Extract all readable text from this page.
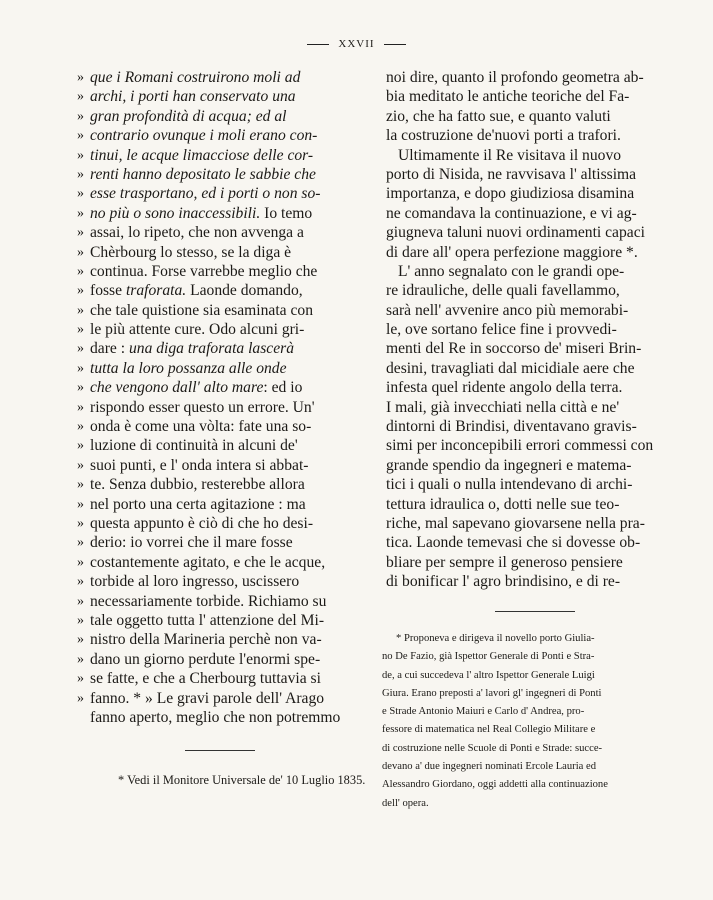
XXVII
» que i Romani costruirono moli ad
» archi, i porti han conservato una
» gran profondità di acqua; ed al
» contrario ovunque i moli erano con-
» tinui, le acque limacciose delle cor-
» renti hanno depositato le sabbie che
» esse trasportano, ed i porti o non so-
» no più o sono inaccessibili. Io temo
» assai, lo ripeto, che non avvenga a
» Chèrbourg lo stesso, se la diga è
» continua. Forse varrebbe meglio che
» fosse traforata. Laonde domando,
» che tale quistione sia esaminata con
» le più attente cure. Odo alcuni gri-
» dare : una diga traforata lascerà
» tutta la loro possanza alle onde
» che vengono dall' alto mare: ed io
» rispondo esser questo un errore. Un'
» onda è come una vòlta: fate una so-
» luzione di continuità in alcuni de'
» suoi punti, e l' onda intera si abbat-
» te. Senza dubbio, resterebbe allora
» nel porto una certa agitazione : ma
» questa appunto è ciò di che ho desi-
» derio: io vorrei che il mare fosse
» costantemente agitato, e che le acque,
» torbide al loro ingresso, uscissero
» necessariamente torbide. Richiamo su
» tale oggetto tutta l' attenzione del Mi-
» nistro della Marineria perchè non va-
» dano un giorno perdute l'enormi spe-
» se fatte, e che a Cherbourg tuttavia si
» fanno. * » Le gravi parole dell' Arago
fanno aperto, meglio che non potremmo
noi dire, quanto il profondo geometra ab-
bia meditato le antiche teoriche del Fa-
zio, che ha fatto sue, e quanto valuti
la costruzione de'nuovi porti a trafori.
Ultimamente il Re visitava il nuovo
porto di Nisida, ne ravvisava l' altissima
importanza, e dopo giudiziosa disamina
ne comandava la continuazione, e vi ag-
giugneva taluni nuovi ordinamenti capaci
di dare all' opera perfezione maggiore *.
L' anno segnalato con le grandi ope-
re idrauliche, delle quali favellammo,
sarà nell' avvenire anco più memorabi-
le, ove sortano felice fine i provvedi-
menti del Re in soccorso de' miseri Brin-
desini, travagliati dal micidiale aere che
infesta quel ridente angolo della terra.
I mali, già invecchiati nella città e ne'
dintorni di Brindisi, diventavano gravis-
simi per inconcepibili errori commessi con
grande spendio da ingegneri e matema-
tici i quali o nulla intendevano di archi-
tettura idraulica o, dotti nelle sue teo-
riche, mal sapevano giovarsene nella pra-
tica. Laonde temevasi che si dovesse ob-
bliare per sempre il generoso pensiere
di bonificar l' agro brindisino, e di re-
* Vedi il Monitore Universale de' 10 Luglio 1835.
* Proponeva e dirigeva il novello porto Giulia-
no De Fazio, già Ispettor Generale di Ponti e Stra-
de, a cui succedeva l' altro Ispettor Generale Luigi
Giura. Erano preposti a' lavori gl' ingegneri di Ponti
e Strade Antonio Maiuri e Carlo d' Andrea, pro-
fessore di matematica nel Real Collegio Militare e
di costruzione nelle Scuole di Ponti e Strade: succe-
devano a' due ingegneri nominati Ercole Lauria ed
Alessandro Giordano, oggi addetti alla continuazione
dell' opera.
